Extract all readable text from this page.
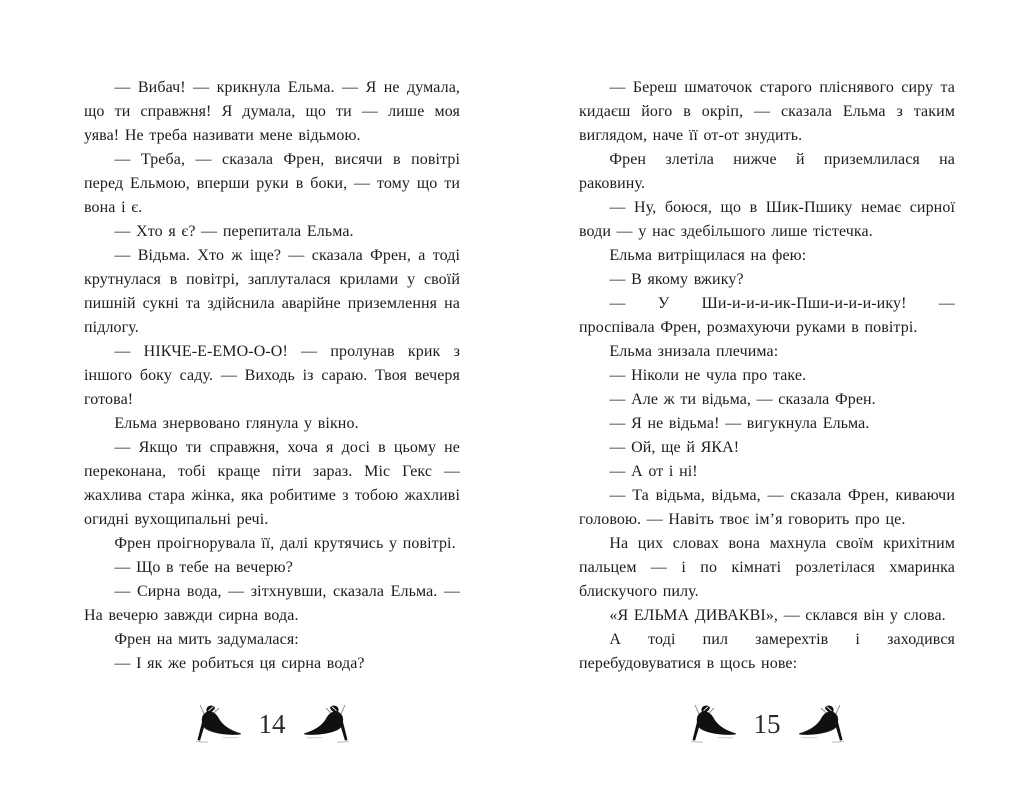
— Вибач! — крикнула Ельма. — Я не думала, що ти справжня! Я думала, що ти — лише моя уява! Не треба називати мене відьмою.

— Треба, — сказала Френ, висячи в повітрі перед Ельмою, вперши руки в боки, — тому що ти вона і є.

— Хто я є? — перепитала Ельма.

— Відьма. Хто ж іще? — сказала Френ, а тоді крутнулася в повітрі, заплуталася крилами у своїй пишній сукні та здійснила аварійне приземлення на підлогу.

— НІКЧЕ-Е-ЕМО-О-О! — пролунав крик з іншого боку саду. — Виходь із сараю. Твоя вечеря готова!

Ельма знервовано глянула у вікно.

— Якщо ти справжня, хоча я досі в цьому не переконана, тобі краще піти зараз. Міс Гекс — жахлива стара жінка, яка робитиме з тобою жахливі огидні вухощипальні речі.

Френ проігнорувала її, далі крутячись у повітрі.

— Що в тебе на вечерю?

— Сирна вода, — зітхнувши, сказала Ельма. — На вечерю завжди сирна вода.

Френ на мить задумалася:

— І як же робиться ця сирна вода?

14

— Береш шматочок старого пліснявого сиру та кидаєш його в окріп, — сказала Ельма з таким виглядом, наче її от-от знудить.

Френ злетіла нижче й приземлилася на раковину.

— Ну, боюся, що в Шик-Пшику немає сирної води — у нас здебільшого лише тістечка.

Ельма витріщилася на фею:

— В якому вжику?

— У Ши-и-и-и-ик-Пши-и-и-и-ику! — проспівала Френ, розмахуючи руками в повітрі.

Ельма знизала плечима:

— Ніколи не чула про таке.

— Але ж ти відьма, — сказала Френ.

— Я не відьма! — вигукнула Ельма.

— Ой, ще й ЯКА!

— А от і ні!

— Та відьма, відьма, — сказала Френ, киваючи головою. — Навіть твоє ім’я говорить про це.

На цих словах вона махнула своїм крихітним пальцем — і по кімнаті розлетілася хмаринка блискучого пилу.

«Я ЕЛЬМА ДИВАКВІ», — склався він у слова.

А тоді пил замерехтів і заходився перебудовуватися в щось нове:

15
